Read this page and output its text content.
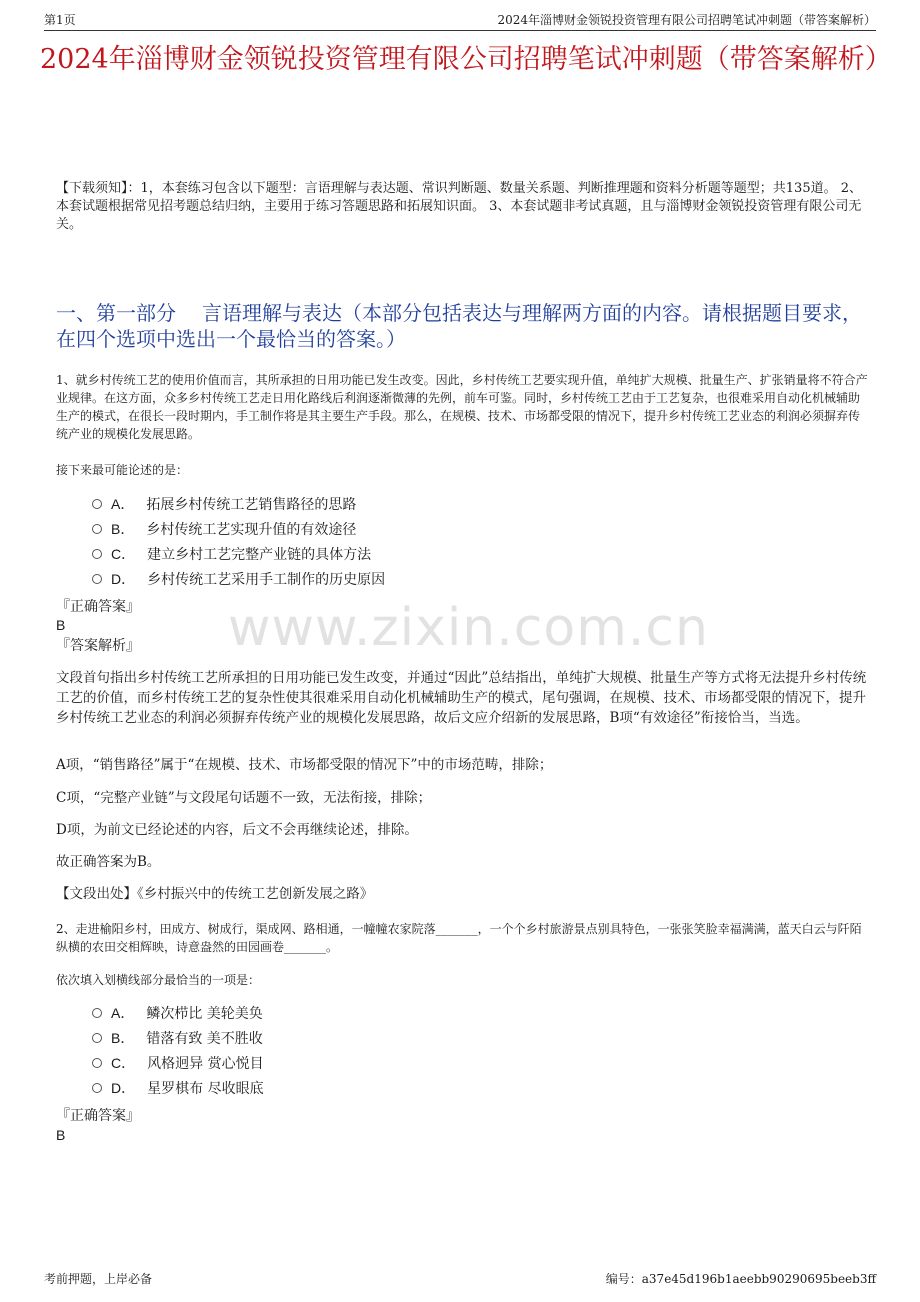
第1页	2024年淄博财金领锐投资管理有限公司招聘笔试冲刺题（带答案解析）
2024年淄博财金领锐投资管理有限公司招聘笔试冲刺题（带答案解析）
【下载须知】：1，本套练习包含以下题型：言语理解与表达题、常识判断题、数量关系题、判断推理题和资料分析题等题型；共135道。 2、本套试题根据常见招考题总结归纳，主要用于练习答题思路和拓展知识面。 3、本套试题非考试真题，且与淄博财金领锐投资管理有限公司无关。
一、第一部分 言语理解与表达（本部分包括表达与理解两方面的内容。请根据题目要求，在四个选项中选出一个最恰当的答案。）
www.zixin.com.cn
1、就乡村传统工艺的使用价值而言，其所承担的日用功能已发生改变。因此，乡村传统工艺要实现升值，单纯扩大规模、批量生产、扩张销量将不符合产业规律。在这方面，众多乡村传统工艺走日用化路线后利润逐渐微薄的先例，前车可鉴。同时，乡村传统工艺由于工艺复杂，也很难采用自动化机械辅助生产的模式，在很长一段时期内，手工制作将是其主要生产手段。那么，在规模、技术、市场都受限的情况下，提升乡村传统工艺业态的利润必须摒弃传统产业的规模化发展思路。
接下来最可能论述的是：
A． 拓展乡村传统工艺销售路径的思路
B． 乡村传统工艺实现升值的有效途径
C． 建立乡村工艺完整产业链的具体方法
D． 乡村传统工艺采用手工制作的历史原因
『正确答案』
B
『答案解析』
文段首句指出乡村传统工艺所承担的日用功能已发生改变，并通过“因此”总结指出，单纯扩大规模、批量生产等方式将无法提升乡村传统工艺的价值，而乡村传统工艺的复杂性使其很难采用自动化机械辅助生产的模式，尾句强调，在规模、技术、市场都受限的情况下，提升乡村传统工艺业态的利润必须摒弃传统产业的规模化发展思路，故后文应介绍新的发展思路，B项“有效途径”衔接恰当，当选。
A项，“销售路径”属于“在规模、技术、市场都受限的情况下”中的市场范畴，排除；
C项，“完整产业链”与文段尾句话题不一致，无法衔接，排除；
D项，为前文已经论述的内容，后文不会再继续论述，排除。
故正确答案为B。
【文段出处】《乡村振兴中的传统工艺创新发展之路》
2、走进榆阳乡村，田成方、树成行，渠成网、路相通，一幢幢农家院落_______，一个个乡村旅游景点别具特色，一张张笑脸幸福满满，蓝天白云与阡陌纵横的农田交相辉映，诗意盎然的田园画卷_______。
依次填入划横线部分最恰当的一项是：
A． 鳞次栉比 美轮美奂
B． 错落有致 美不胜收
C． 风格迥异 赏心悦目
D． 星罗棋布 尽收眼底
『正确答案』
B
考前押题，上岸必备	编号：a37e45d196b1aeebb90290695beeb3ff
